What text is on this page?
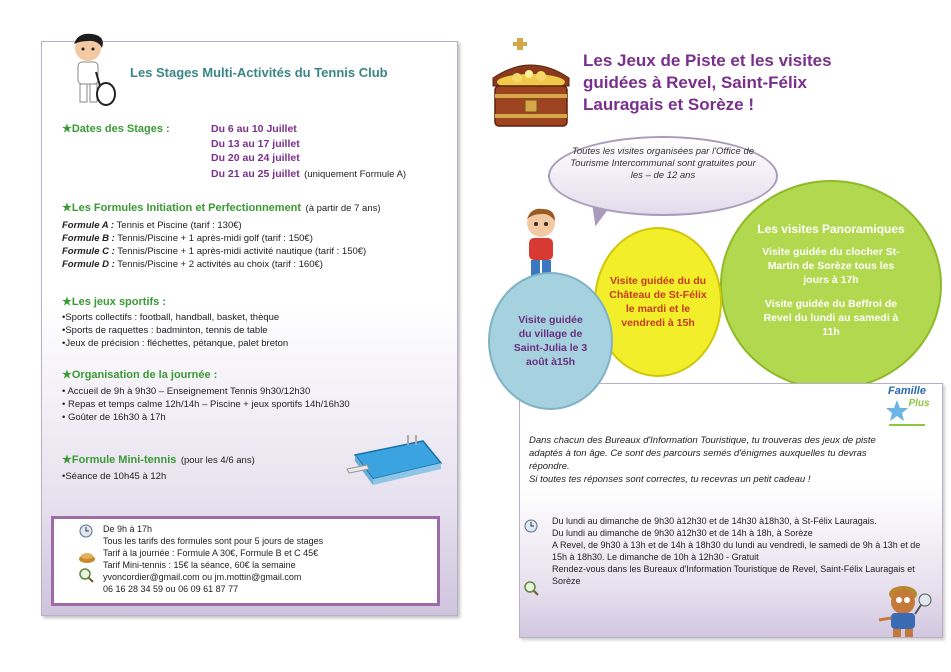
Les Stages Multi-Activités du Tennis Club
★Dates des Stages :	Du 6 au 10 Juillet
Du 13 au 17 juillet
Du 20 au 24 juillet
Du 21 au 25 juillet (uniquement Formule A)
★Les Formules Initiation et Perfectionnement (à partir de 7 ans)
Formule A : Tennis et Piscine (tarif : 130€)
Formule B : Tennis/Piscine + 1 après-midi golf (tarif : 150€)
Formule C : Tennis/Piscine + 1 après-midi activité nautique (tarif : 150€)
Formule D : Tennis/Piscine + 2 activités au choix (tarif : 160€)
★Les jeux sportifs :
•Sports collectifs : football, handball, basket, thèque
•Sports de raquettes : badminton, tennis de table
•Jeux de précision : fléchettes, pétanque, palet breton
★Organisation de la journée :
• Accueil de 9h à 9h30 – Enseignement Tennis 9h30/12h30
• Repas et temps calme 12h/14h – Piscine + jeux sportifs 14h/16h30
• Goûter de 16h30 à 17h
★Formule Mini-tennis (pour les 4/6 ans)
•Séance de 10h45 à 12h
De 9h à 17h
Tous les tarifs des formules sont pour 5 jours de stages
Tarif à la journée : Formule A 30€, Formule B et C 45€
Tarif Mini-tennis : 15€ la séance, 60€ la semaine
yvoncordier@gmail.com ou jm.mottin@gmail.com
06 16 28 34 59 ou 06 09 61 87 77
Les Jeux de Piste et les visites guidées à Revel, Saint-Félix Lauragais et Sorèze !
Toutes les visites organisées par l'Office de Tourisme Intercommunal sont gratuites pour les – de 12 ans
Les visites Panoramiques

Visite guidée du clocher St-Martin de Sorèze tous les jours à 17h

Visite guidée du Beffroi de Revel du lundi au samedi à 11h

Visite guidée du du Château de St-Félix le mardi et le vendredi à 15h
Visite guidée du village de Saint-Julia le 3 août à15h
Famille
Plus
Dans chacun des Bureaux d'Information Touristique, tu trouveras des jeux de piste adaptés à ton âge. Ce sont des parcours semés d'énigmes auxquelles tu devras répondre.
Si toutes tes réponses sont correctes, tu recevras un petit cadeau !
Du lundi au dimanche de 9h30 à12h30 et de 14h30 à18h30, à St-Félix Lauragais.
Du lundi au dimanche de 9h30 à12h30 et de 14h à 18h, à Sorèze
A Revel, de 9h30 à 13h et de 14h à 18h30 du lundi au vendredi, le samedi de 9h à 13h et de 15h à 18h30. Le dimanche de 10h à 12h30 - Gratuit
Rendez-vous dans les Bureaux d'Information Touristique de Revel, Saint-Félix Lauragais et Sorèze
